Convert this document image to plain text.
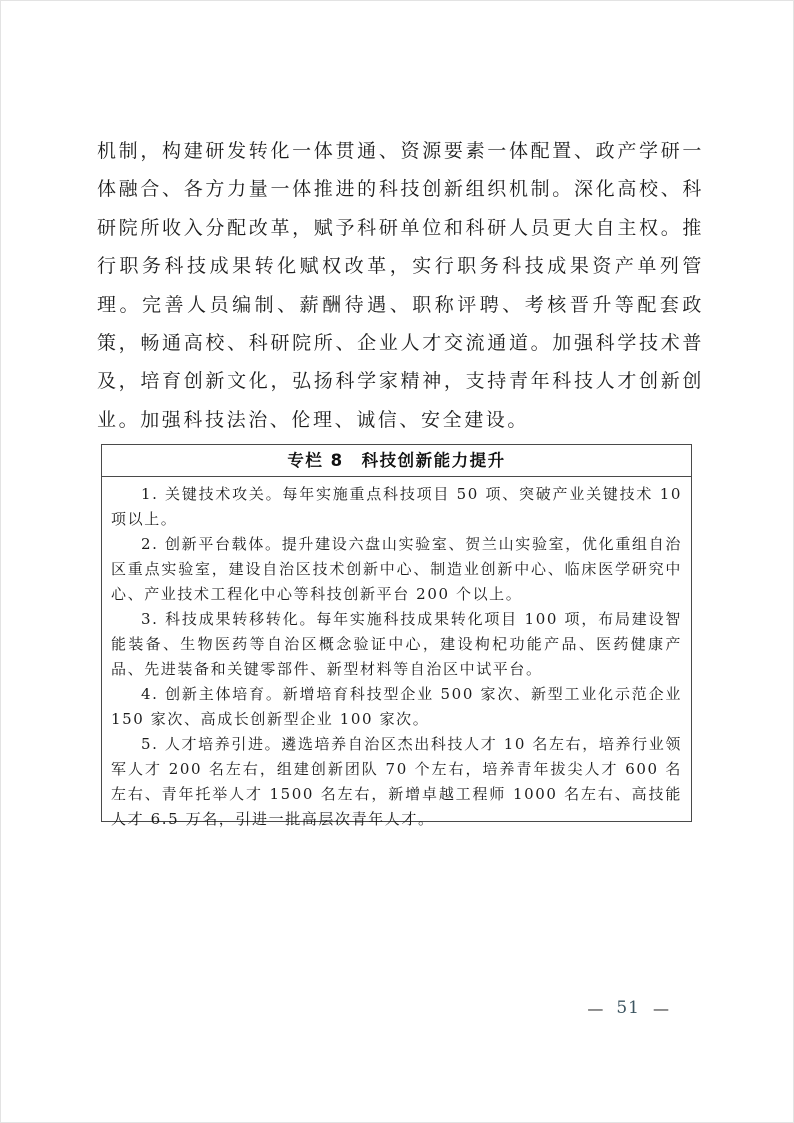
机制，构建研发转化一体贯通、资源要素一体配置、政产学研一体融合、各方力量一体推进的科技创新组织机制。深化高校、科研院所收入分配改革，赋予科研单位和科研人员更大自主权。推行职务科技成果转化赋权改革，实行职务科技成果资产单列管理。完善人员编制、薪酬待遇、职称评聘、考核晋升等配套政策，畅通高校、科研院所、企业人才交流通道。加强科学技术普及，培育创新文化，弘扬科学家精神，支持青年科技人才创新创业。加强科技法治、伦理、诚信、安全建设。

专栏 8　科技创新能力提升

1. 关键技术攻关。每年实施重点科技项目 50 项、突破产业关键技术 10 项以上。

2. 创新平台载体。提升建设六盘山实验室、贺兰山实验室，优化重组自治区重点实验室，建设自治区技术创新中心、制造业创新中心、临床医学研究中心、产业技术工程化中心等科技创新平台 200 个以上。

3. 科技成果转移转化。每年实施科技成果转化项目 100 项，布局建设智能装备、生物医药等自治区概念验证中心，建设枸杞功能产品、医药健康产品、先进装备和关键零部件、新型材料等自治区中试平台。

4. 创新主体培育。新增培育科技型企业 500 家次、新型工业化示范企业 150 家次、高成长创新型企业 100 家次。

5. 人才培养引进。遴选培养自治区杰出科技人才 10 名左右，培养行业领军人才 200 名左右，组建创新团队 70 个左右，培养青年拔尖人才 600 名左右、青年托举人才 1500 名左右，新增卓越工程师 1000 名左右、高技能人才 6.5 万名，引进一批高层次青年人才。

— 51 —
